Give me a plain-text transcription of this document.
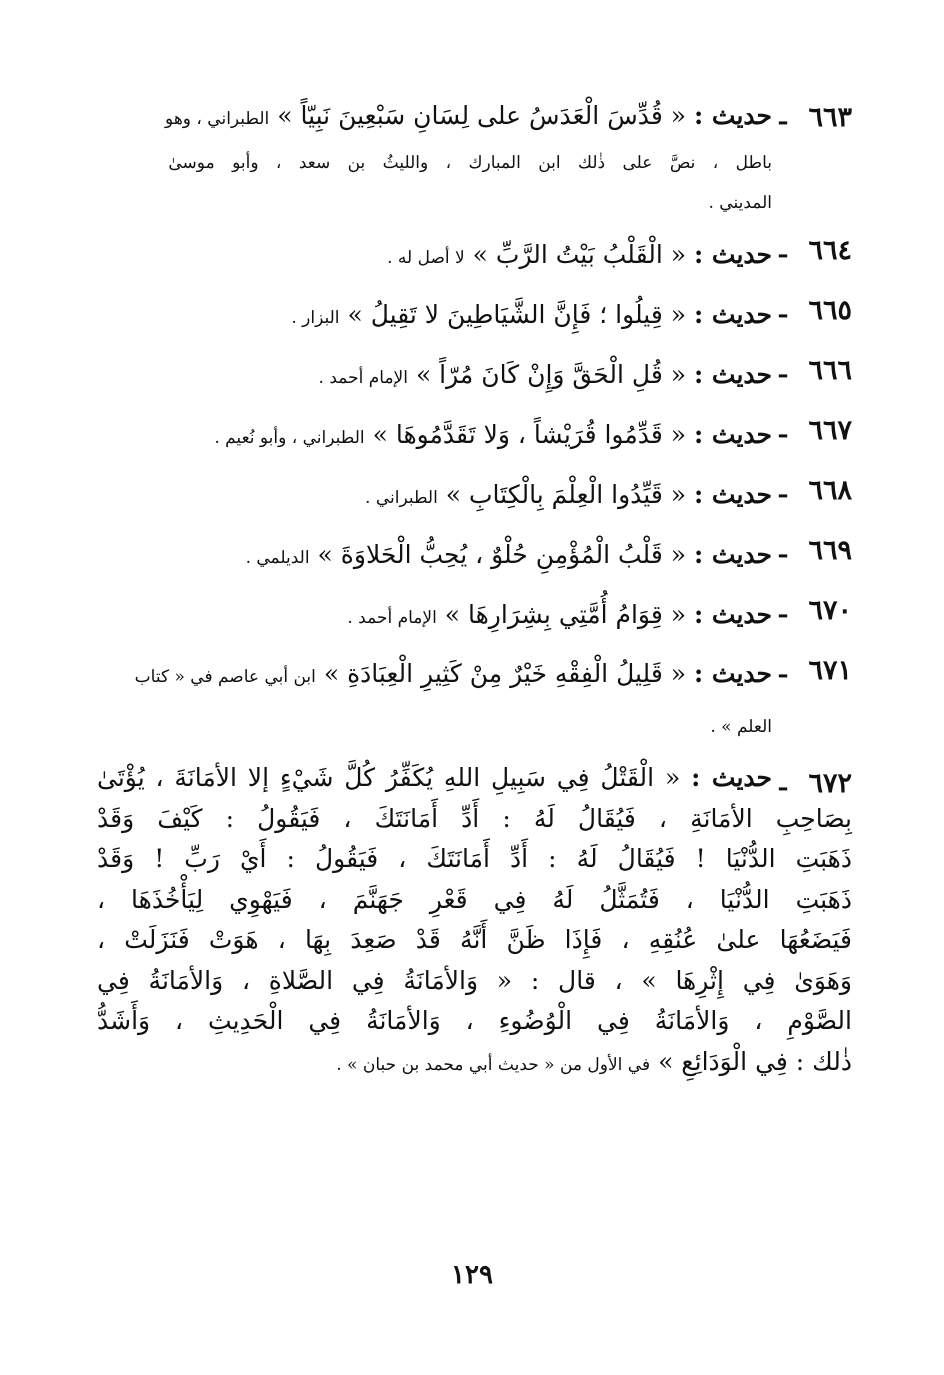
٦٦٣
ـ
حديث : « قُدِّسَ الْعَدَسُ على لِسَانِ سَبْعِينَ نَبِيّاً » الطبراني ، وهو
باطل ، نصَّ على ذٰلك ابن المبارك ، والليثُ بن سعد ، وأبو موسىٰ
المديني .
٦٦٤
ـ
حديث : « الْقَلْبُ بَيْتُ الرَّبِّ » لا أصل له .
٦٦٥
ـ
حديث : « قِيلُوا ؛ فَإِنَّ الشَّيَاطِينَ لا تَقِيلُ » البزار .
٦٦٦
ـ
حديث : « قُلِ الْحَقَّ وَإِنْ كَانَ مُرّاً » الإمام أحمد .
٦٦٧
ـ
حديث : « قَدِّمُوا قُرَيْشاً ، وَلا تَقَدَّمُوهَا » الطبراني ، وأبو نُعيم .
٦٦٨
ـ
حديث : « قَيِّدُوا الْعِلْمَ بِالْكِتَابِ » الطبراني .
٦٦٩
ـ
حديث : « قَلْبُ الْمُؤْمِنِ حُلْوٌ ، يُحِبُّ الْحَلاوَةَ » الديلمي .
٦٧٠
ـ
حديث : « قِوَامُ أُمَّتِي بِشِرَارِهَا » الإمام أحمد .
٦٧١
ـ
حديث : « قَلِيلُ الْفِقْهِ خَيْرٌ مِنْ كَثِيرِ الْعِبَادَةِ » ابن أبي عاصم في « كتاب
العلم » .
٦٧٢
ـ
حديث : « الْقَتْلُ فِي سَبِيلِ اللهِ يُكَفِّرُ كُلَّ شَيْءٍ إلا الأمَانَةَ ، يُؤْتَىٰ
بِصَاحِبِ الأمَانَةِ ، فَيُقَالُ لَهُ : أَدِّ أَمَانَتَكَ ، فَيَقُولُ : كَيْفَ وَقَدْ
ذَهَبَتِ الدُّنْيَا ! فَيُقَالُ لَهُ : أَدِّ أَمَانَتَكَ ، فَيَقُولُ : أَيْ رَبِّ ! وَقَدْ
ذَهَبَتِ الدُّنْيَا ، فَتُمَثَّلُ لَهُ فِي قَعْرِ جَهَنَّمَ ، فَيَهْوِي لِيَأْخُذَهَا ،
فَيَضَعُهَا علىٰ عُنُقِهِ ، فَإِذَا ظَنَّ أَنَّهُ قَدْ صَعِدَ بِهَا ، هَوَتْ فَنَزَلَتْ ،
وَهَوَىٰ فِي إِثْرِهَا » ، قال : « وَالأمَانَةُ فِي الصَّلاةِ ، وَالأمَانَةُ فِي
الصَّوْمِ ، وَالأمَانَةُ فِي الْوُضُوءِ ، وَالأمَانَةُ فِي الْحَدِيثِ ، وَأَشَدُّ
ذٰلك : فِي الْوَدَائِعِ » في الأول من « حديث أبي محمد بن حبان » .
١٢٩
